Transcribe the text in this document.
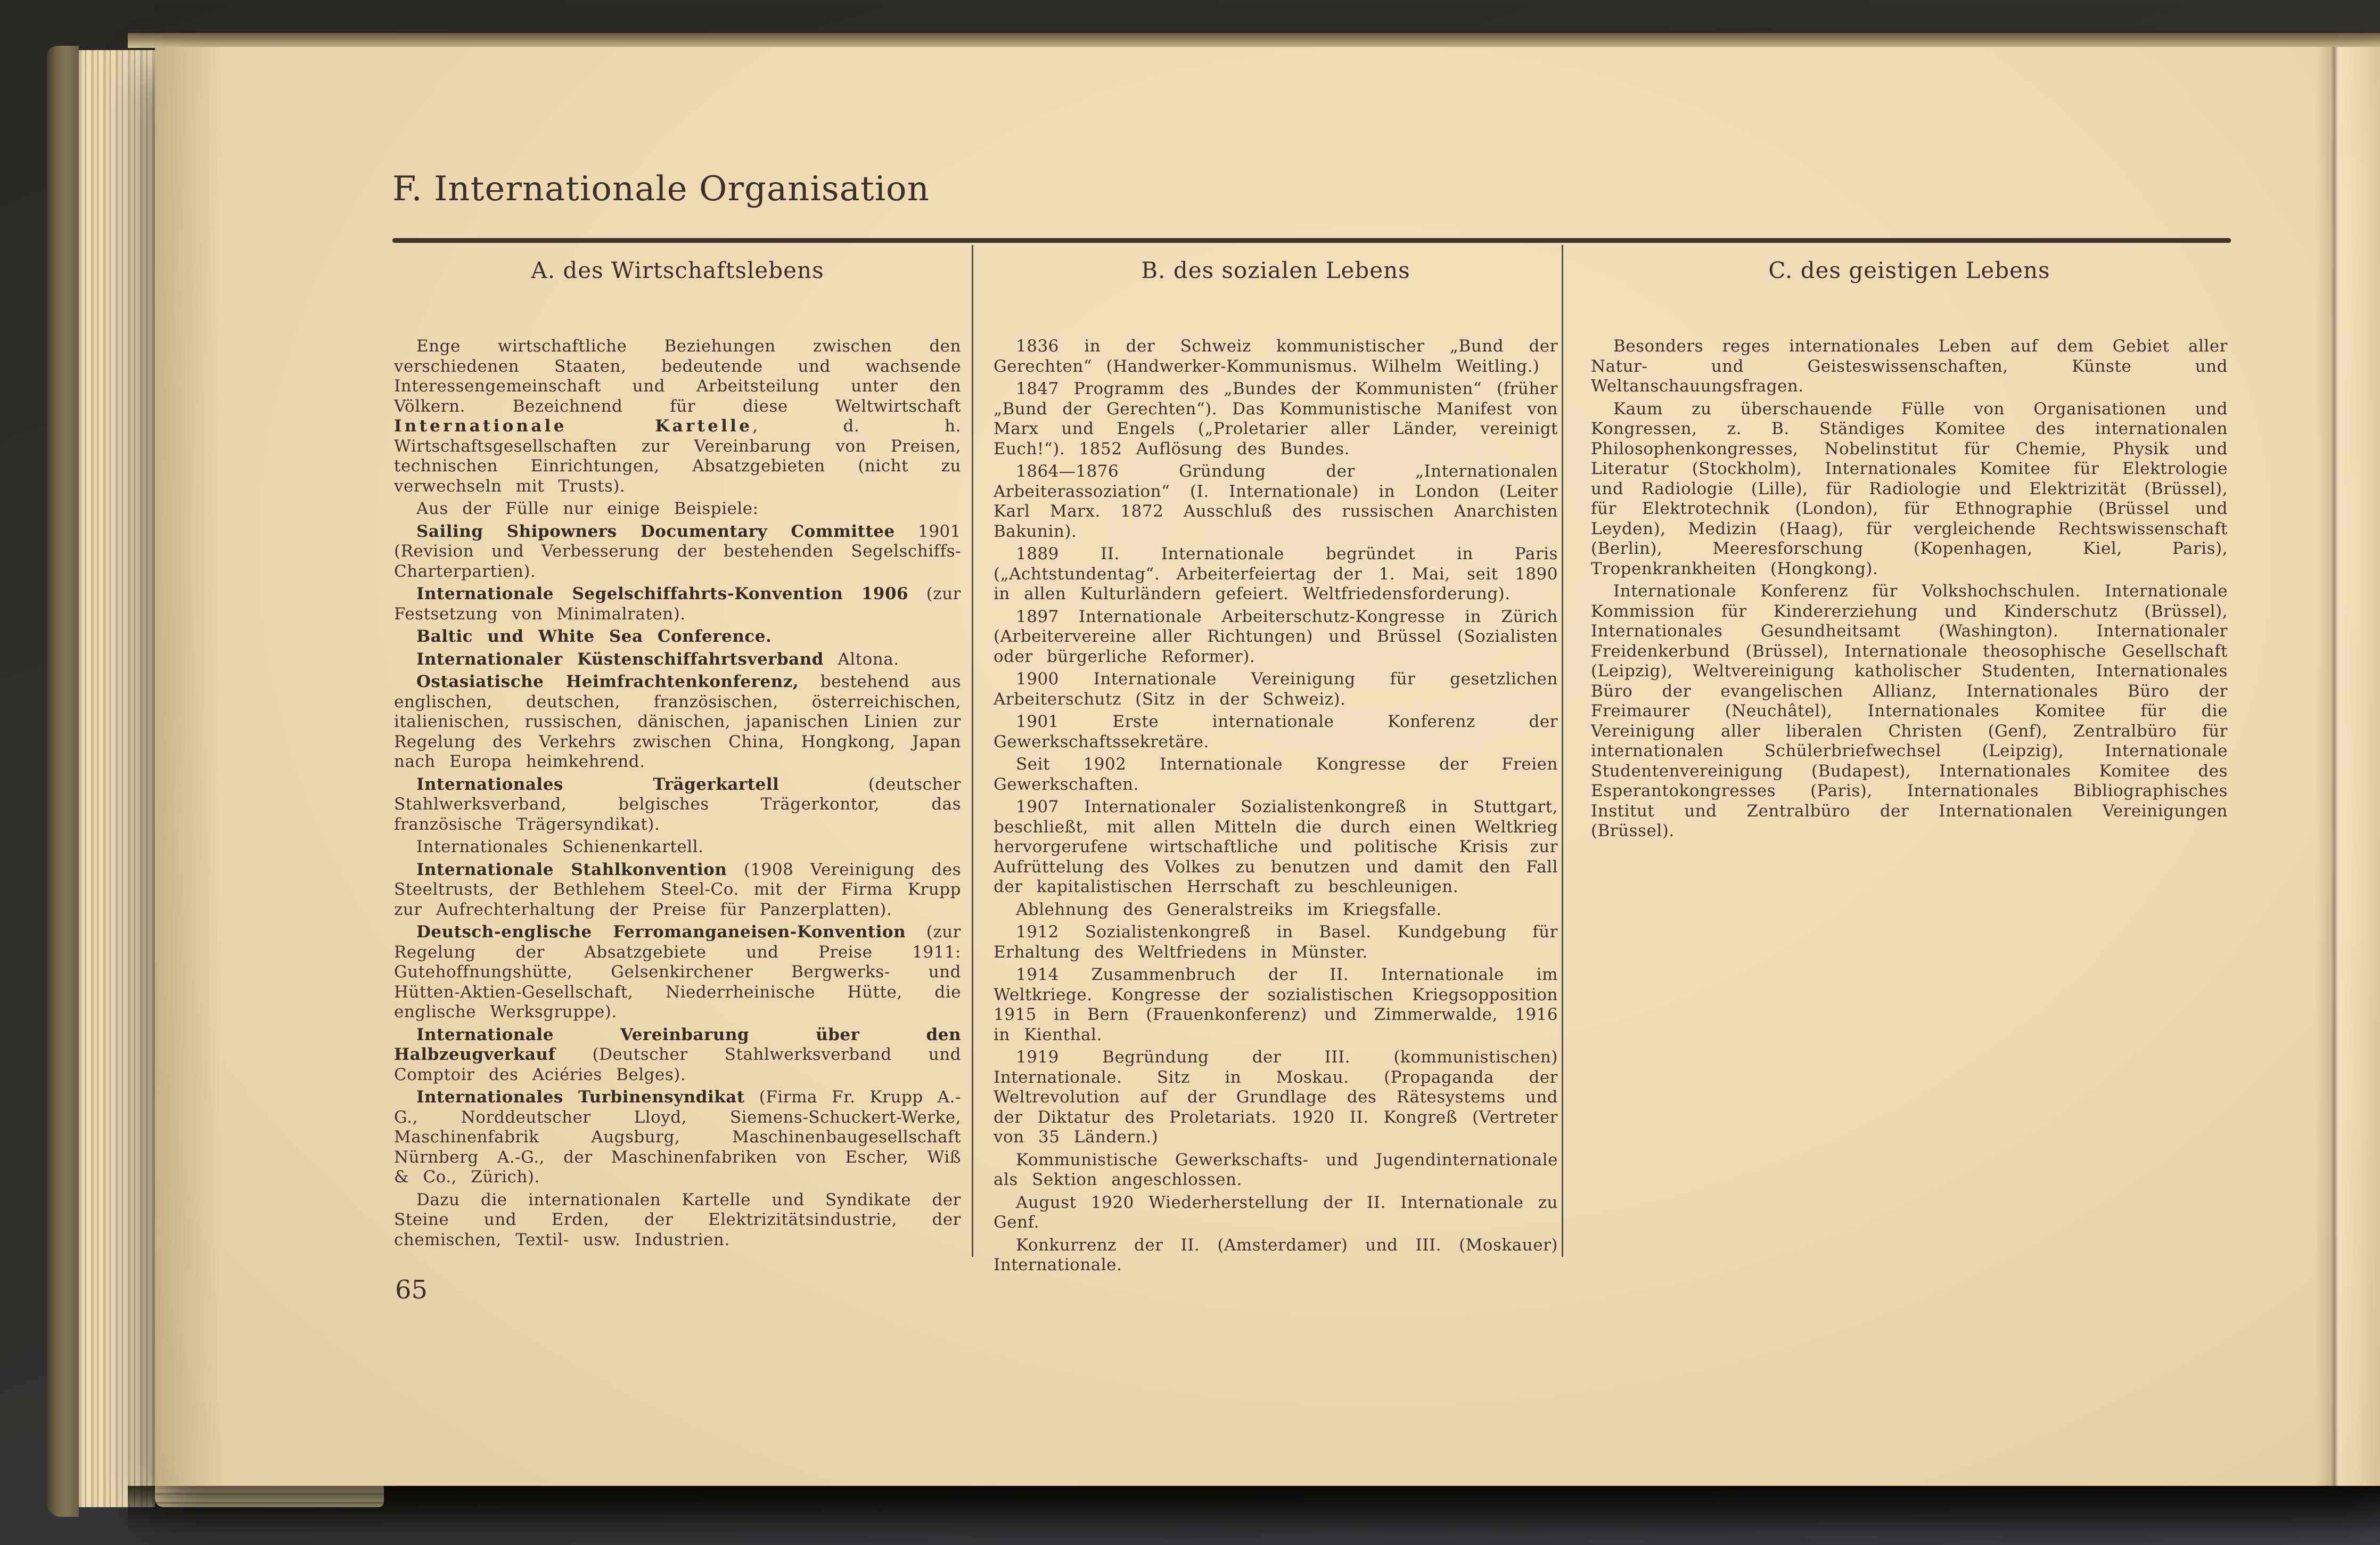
F. Internationale Organisation
A. des Wirtschaftslebens

Enge wirtschaftliche Beziehungen zwischen den verschiedenen Staaten, bedeutende und wachsende Interessengemeinschaft und Arbeitsteilung unter den Völkern. Bezeichnend für diese Weltwirtschaft Internationale Kartelle, d. h. Wirtschaftsgesellschaften zur Vereinbarung von Preisen, technischen Einrichtungen, Absatzgebieten (nicht zu verwechseln mit Trusts).

Aus der Fülle nur einige Beispiele:

Sailing Shipowners Documentary Committee 1901 (Revision und Verbesserung der bestehenden Segelschiffs-Charterpartien).

Internationale Segelschiffahrts-Konvention 1906 (zur Festsetzung von Minimalraten).

Baltic und White Sea Conference.

Internationaler Küstenschiffahrtsverband Altona.

Ostasiatische Heimfrachtenkonferenz, bestehend aus englischen, deutschen, französischen, österreichischen, italienischen, russischen, dänischen, japanischen Linien zur Regelung des Verkehrs zwischen China, Hongkong, Japan nach Europa heimkehrend.

Internationales Trägerkartell (deutscher Stahlwerksverband, belgisches Trägerkontor, das französische Trägersyndikat).

Internationales Schienenkartell.

Internationale Stahlkonvention (1908 Vereinigung des Steeltrusts, der Bethlehem Steel-Co. mit der Firma Krupp zur Aufrechterhaltung der Preise für Panzerplatten).

Deutsch-englische Ferromanganeisen-Konvention (zur Regelung der Absatzgebiete und Preise 1911: Gutehoffnungshütte, Gelsenkirchener Bergwerks- und Hütten-Aktien-Gesellschaft, Niederrheinische Hütte, die englische Werksgruppe).

Internationale Vereinbarung über den Halbzeugverkauf (Deutscher Stahlwerksverband und Comptoir des Aciéries Belges).

Internationales Turbinensyndikat (Firma Fr. Krupp A.-G., Norddeutscher Lloyd, Siemens-Schuckert-Werke, Maschinenfabrik Augsburg, Maschinenbaugesellschaft Nürnberg A.-G., der Maschinenfabriken von Escher, Wiß & Co., Zürich).

Dazu die internationalen Kartelle und Syndikate der Steine und Erden, der Elektrizitätsindustrie, der chemischen, Textil- usw. Industrien.

B. des sozialen Lebens

1836 in der Schweiz kommunistischer „Bund der Gerechten“ (Handwerker-Kommunismus. Wilhelm Weitling.)

1847 Programm des „Bundes der Kommunisten“ (früher „Bund der Gerechten“). Das Kommunistische Manifest von Marx und Engels („Proletarier aller Länder, vereinigt Euch!“). 1852 Auflösung des Bundes.

1864—1876 Gründung der „Internationalen Arbeiterassoziation“ (I. Internationale) in London (Leiter Karl Marx. 1872 Ausschluß des russischen Anarchisten Bakunin).

1889 II. Internationale begründet in Paris („Achtstundentag“. Arbeiterfeiertag der 1. Mai, seit 1890 in allen Kulturländern gefeiert. Weltfriedensforderung).

1897 Internationale Arbeiterschutz-Kongresse in Zürich (Arbeitervereine aller Richtungen) und Brüssel (Sozialisten oder bürgerliche Reformer).

1900 Internationale Vereinigung für gesetzlichen Arbeiterschutz (Sitz in der Schweiz).

1901 Erste internationale Konferenz der Gewerkschaftssekretäre.

Seit 1902 Internationale Kongresse der Freien Gewerkschaften.

1907 Internationaler Sozialistenkongreß in Stuttgart, beschließt, mit allen Mitteln die durch einen Weltkrieg hervorgerufene wirtschaftliche und politische Krisis zur Aufrüttelung des Volkes zu benutzen und damit den Fall der kapitalistischen Herrschaft zu beschleunigen.

Ablehnung des Generalstreiks im Kriegsfalle.

1912 Sozialistenkongreß in Basel. Kundgebung für Erhaltung des Weltfriedens in Münster.

1914 Zusammenbruch der II. Internationale im Weltkriege. Kongresse der sozialistischen Kriegsopposition 1915 in Bern (Frauenkonferenz) und Zimmerwalde, 1916 in Kienthal.

1919 Begründung der III. (kommunistischen) Internationale. Sitz in Moskau. (Propaganda der Weltrevolution auf der Grundlage des Rätesystems und der Diktatur des Proletariats. 1920 II. Kongreß (Vertreter von 35 Ländern.)

Kommunistische Gewerkschafts- und Jugendinternationale als Sektion angeschlossen.

August 1920 Wiederherstellung der II. Internationale zu Genf.

Konkurrenz der II. (Amsterdamer) und III. (Moskauer) Internationale.

C. des geistigen Lebens

Besonders reges internationales Leben auf dem Gebiet aller Natur- und Geisteswissenschaften, Künste und Weltanschauungsfragen.

Kaum zu überschauende Fülle von Organisationen und Kongressen, z. B. Ständiges Komitee des internationalen Philosophenkongresses, Nobelinstitut für Chemie, Physik und Literatur (Stockholm), Internationales Komitee für Elektrologie und Radiologie (Lille), für Radiologie und Elektrizität (Brüssel), für Elektrotechnik (London), für Ethnographie (Brüssel und Leyden), Medizin (Haag), für vergleichende Rechtswissenschaft (Berlin), Meeresforschung (Kopenhagen, Kiel, Paris), Tropenkrankheiten (Hongkong).

Internationale Konferenz für Volkshochschulen. Internationale Kommission für Kindererziehung und Kinderschutz (Brüssel), Internationales Gesundheitsamt (Washington). Internationaler Freidenkerbund (Brüssel), Internationale theosophische Gesellschaft (Leipzig), Weltvereinigung katholischer Studenten, Internationales Büro der evangelischen Allianz, Internationales Büro der Freimaurer (Neuchâtel), Internationales Komitee für die Vereinigung aller liberalen Christen (Genf), Zentralbüro für internationalen Schülerbriefwechsel (Leipzig), Internationale Studentenvereinigung (Budapest), Internationales Komitee des Esperantokongresses (Paris), Internationales Bibliographisches Institut und Zentralbüro der Internationalen Vereinigungen (Brüssel).

65
